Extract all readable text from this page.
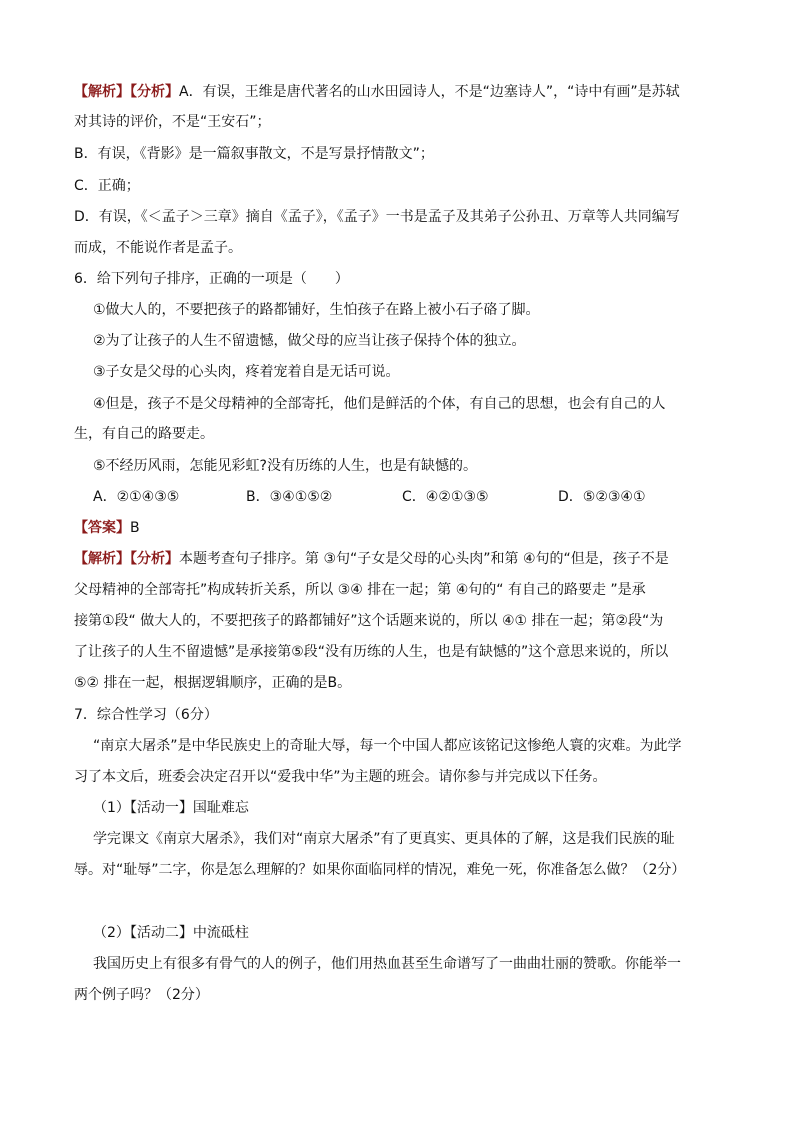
【解析】【分析】A．有误，王维是唐代著名的山水田园诗人，不是“边塞诗人”，“诗中有画”是苏轼
对其诗的评价，不是“王安石”；
B．有误，《背影》是一篇叙事散文，不是写景抒情散文”；
C．正确；
D．有误，《＜孟子＞三章》摘自《孟子》，《孟子》一书是孟子及其弟子公孙丑、万章等人共同编写
而成，不能说作者是孟子。
6．给下列句子排序，正确的一项是（　　）
①做大人的，不要把孩子的路都铺好，生怕孩子在路上被小石子硌了脚。
②为了让孩子的人生不留遗憾，做父母的应当让孩子保持个体的独立。
③子女是父母的心头肉，疼着宠着自是无话可说。
④但是，孩子不是父母精神的全部寄托，他们是鲜活的个体，有自己的思想，也会有自己的人
生，有自己的路要走。
⑤不经历风雨，怎能见彩虹?没有历练的人生，也是有缺憾的。
A．②①④③⑤	B．③④①⑤②	C．④②①③⑤	D．⑤②③④①
【答案】B
【解析】【分析】本题考查句子排序。第 ③句“子女是父母的心头肉”和第 ④句的“但是，孩子不是
父母精神的全部寄托”构成转折关系，所以 ③④ 排在一起；第 ④句的“ 有自己的路要走 ”是承
接第①段“ 做大人的，不要把孩子的路都铺好”这个话题来说的，所以 ④① 排在一起；第②段“为
了让孩子的人生不留遗憾”是承接第⑤段“没有历练的人生，也是有缺憾的”这个意思来说的，所以
⑤② 排在一起，根据逻辑顺序，正确的是B。
7．综合性学习（6分）
“南京大屠杀”是中华民族史上的奇耻大辱，每一个中国人都应该铭记这惨绝人寰的灾难。为此学
习了本文后，班委会决定召开以“爱我中华”为主题的班会。请你参与并完成以下任务。
（1）【活动一】国耻难忘
学完课文《南京大屠杀》，我们对“南京大屠杀”有了更真实、更具体的了解，这是我们民族的耻
辱。对“耻辱”二字，你是怎么理解的？如果你面临同样的情况，难免一死，你准备怎么做？（2分）
（2）【活动二】中流砥柱
我国历史上有很多有骨气的人的例子，他们用热血甚至生命谱写了一曲曲壮丽的赞歌。你能举一
两个例子吗？（2分）
